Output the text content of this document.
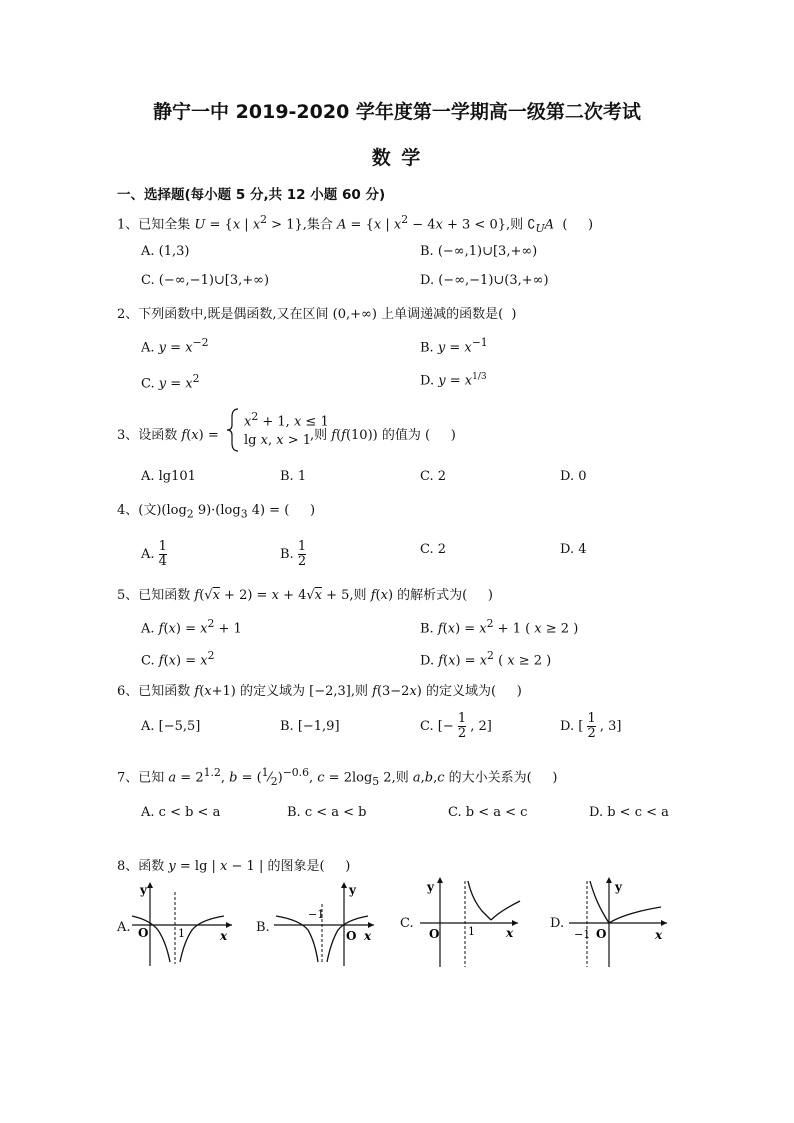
静宁一中 2019-2020 学年度第一学期高一级第二次考试
数 学
一、选择题(每小题 5 分,共 12 小题 60 分)
1、已知全集 U = {x | $x^2 > 1$},集合 A = {x | $x^2 - 4x + 3 < 0$},则 $∁_UA$  (     )
A. (1,3)	B. (−∞,1)∪[3,+∞)
C. (−∞,−1)∪[3,+∞)	D. (−∞,−1)∪(3,+∞)
2、下列函数中,既是偶函数,又在区间 (0,+∞) 上单调递减的函数是(  )
A. $y = x^{-2}$	B. $y = x^{-1}$
C. $y = x^2$	D. $y = x^{1/3}$
3、设函数 f(x) =
$x^2 + 1$, x ≤ 1
lg x, x > 1
,则 f(f(10)) 的值为 (     )
A. lg101	B. 1	C. 2	D. 0
4、(文)($\log_2$ $9)\cdot(\log_3$ 4) = (     )
A. $\frac{1}{4}$	B. $\frac{1}{2}$	C. 2	D. 4
5、已知函数 f(√x + 2) = x + 4√x + 5,则 f(x) 的解析式为(     )
A. $f(x) = x^2 + 1$	B. $f(x) = x^2 + 1$ ( x ≥ 2 )
C. $f(x) = x^2$	D. $f(x) = x^2$ ( x ≥ 2 )
6、已知函数 f(x+1) 的定义域为 [−2,3],则 f(3−2x) 的定义域为(     )
A. [−5,5]	B. [−1,9]	C. [− $\frac{1}{2}$ , 2]	D. [ $\frac{1}{2}$ , 3]
7、已知 $a = 2^{1.2}$, $b = (^1⁄_2)^{-0.6}$, $c = 2\log_5$ 2,则 a,b,c 的大小关系为(     )
A. c < b < a	B. c < a < b	C. b < a < c	D. b < c < a
8、函数 y = lg | x − 1 | 的图象是(     )
A.
y
O	1	x
B.
y
−1
O x
C.
y
O	1	x
D.
y
−1 O	x
